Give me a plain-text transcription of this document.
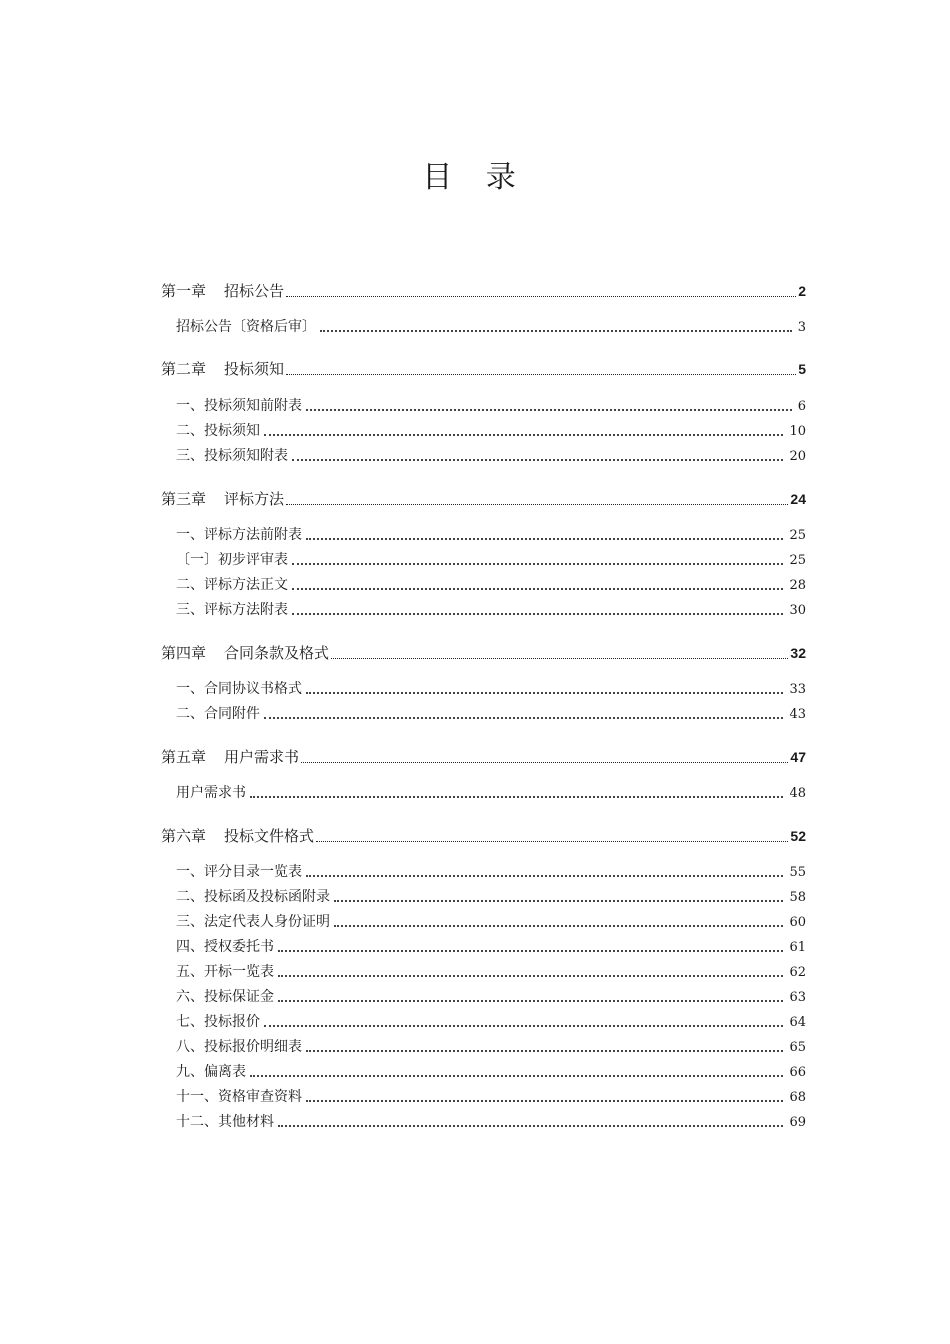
目 录
第一章 招标公告	2
招标公告〔资格后审〕	3
第二章 投标须知	5
一、投标须知前附表	6
二、投标须知	10
三、投标须知附表	20
第三章 评标方法	24
一、评标方法前附表	25
〔一〕初步评审表	25
二、评标方法正文	28
三、评标方法附表	30
第四章 合同条款及格式	32
一、合同协议书格式	33
二、合同附件	43
第五章 用户需求书	47
用户需求书	48
第六章 投标文件格式	52
一、评分目录一览表	55
二、投标函及投标函附录	58
三、法定代表人身份证明	60
四、授权委托书	61
五、开标一览表	62
六、投标保证金	63
七、投标报价	64
八、投标报价明细表	65
九、偏离表	66
十一、资格审查资料	68
十二、其他材料	69
